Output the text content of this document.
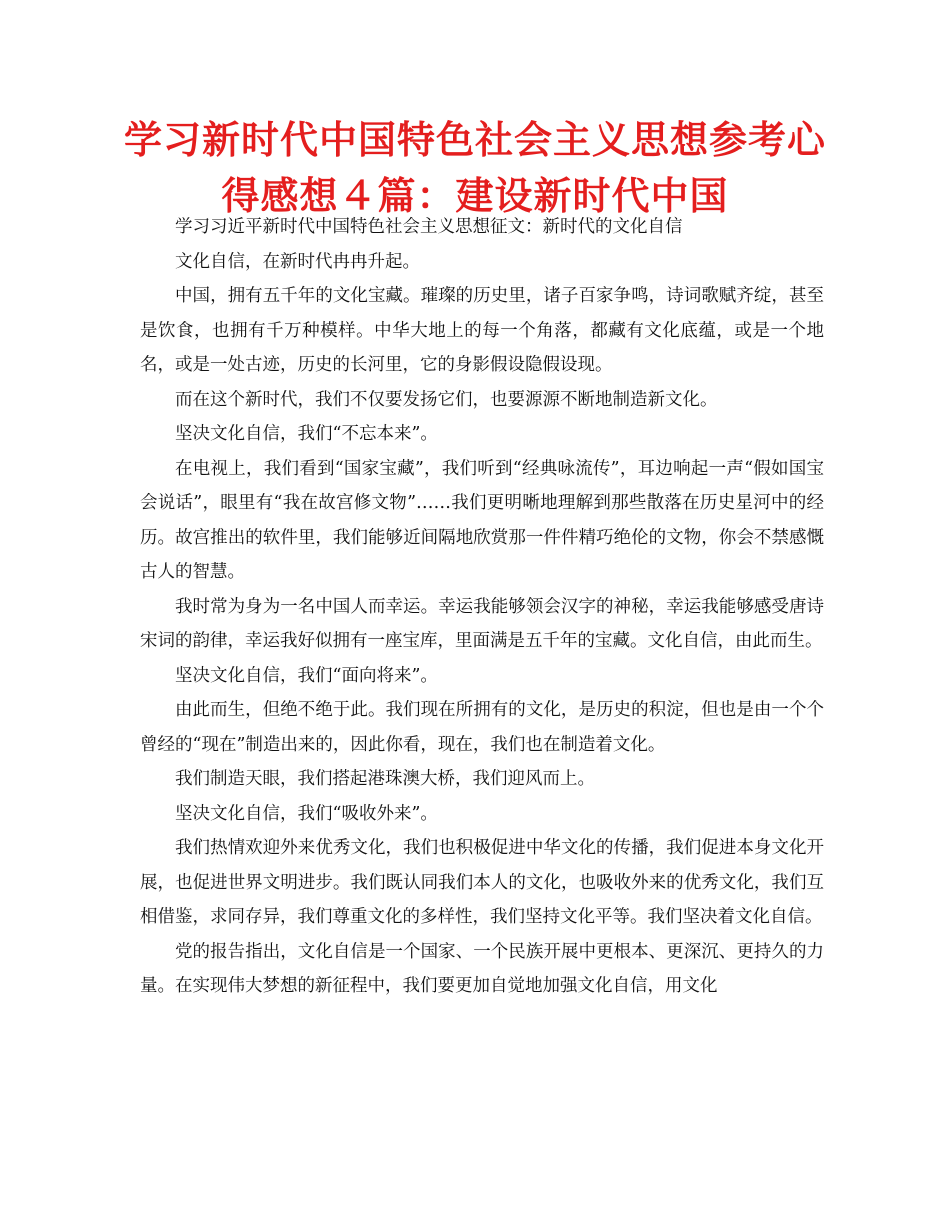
学习新时代中国特色社会主义思想参考心得感想４篇：建设新时代中国

学习习近平新时代中国特色社会主义思想征文：新时代的文化自信

文化自信，在新时代冉冉升起。

中国，拥有五千年的文化宝藏。璀璨的历史里，诸子百家争鸣，诗词歌赋齐绽，甚至是饮食，也拥有千万种模样。中华大地上的每一个角落，都藏有文化底蕴，或是一个地名，或是一处古迹，历史的长河里，它的身影假设隐假设现。

而在这个新时代，我们不仅要发扬它们，也要源源不断地制造新文化。

坚决文化自信，我们“不忘本来”。

在电视上，我们看到“国家宝藏”，我们听到“经典咏流传”，耳边响起一声“假如国宝会说话”，眼里有“我在故宫修文物”……我们更明晰地理解到那些散落在历史星河中的经历。故宫推出的软件里，我们能够近间隔地欣赏那一件件精巧绝伦的文物，你会不禁感慨古人的智慧。

我时常为身为一名中国人而幸运。幸运我能够领会汉字的神秘，幸运我能够感受唐诗宋词的韵律，幸运我好似拥有一座宝库，里面满是五千年的宝藏。文化自信，由此而生。

坚决文化自信，我们“面向将来”。

由此而生，但绝不绝于此。我们现在所拥有的文化，是历史的积淀，但也是由一个个曾经的“现在”制造出来的，因此你看，现在，我们也在制造着文化。

我们制造天眼，我们搭起港珠澳大桥，我们迎风而上。

坚决文化自信，我们“吸收外来”。

我们热情欢迎外来优秀文化，我们也积极促进中华文化的传播，我们促进本身文化开展，也促进世界文明进步。我们既认同我们本人的文化，也吸收外来的优秀文化，我们互相借鉴，求同存异，我们尊重文化的多样性，我们坚持文化平等。我们坚决着文化自信。

党的报告指出，文化自信是一个国家、一个民族开展中更根本、更深沉、更持久的力量。在实现伟大梦想的新征程中，我们要更加自觉地加强文化自信，用文化
